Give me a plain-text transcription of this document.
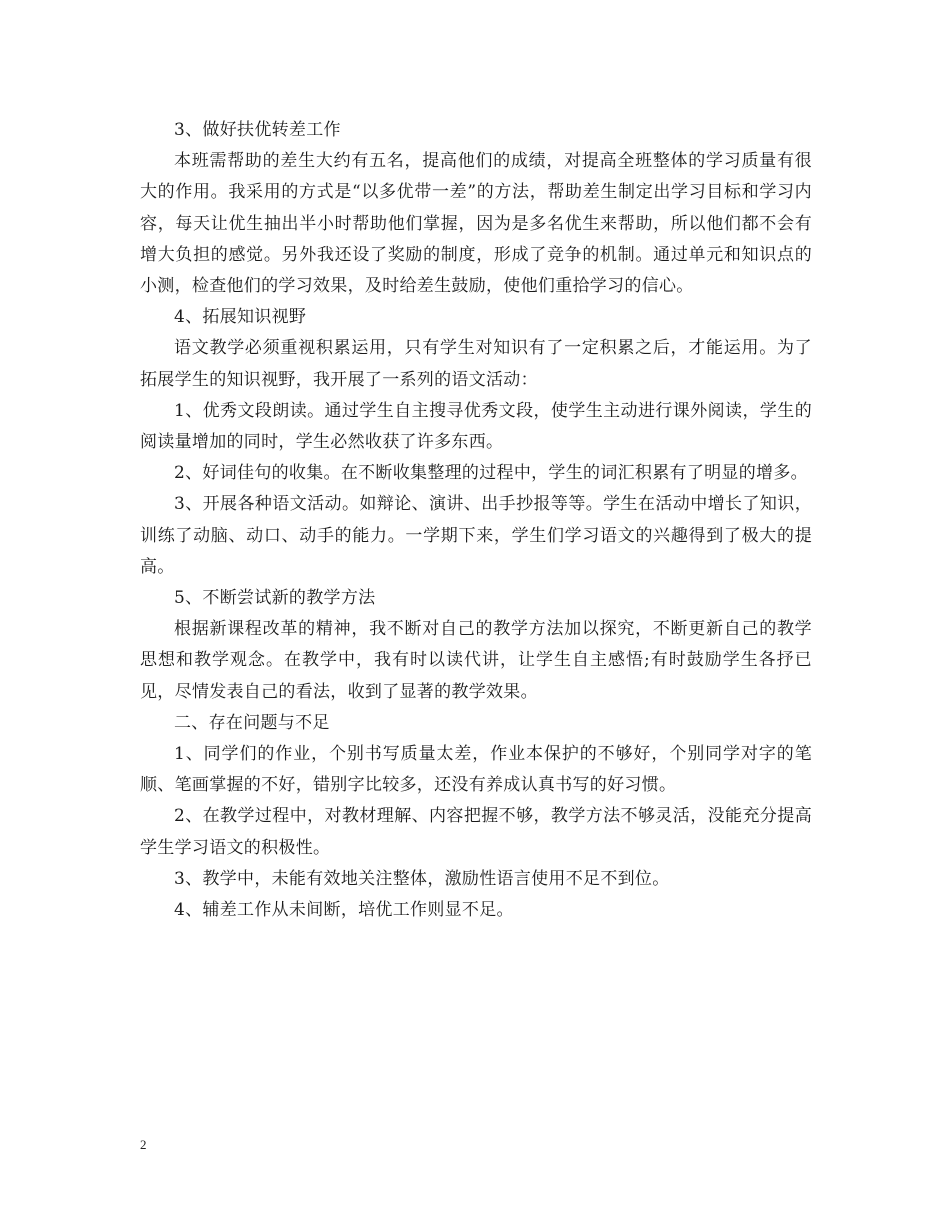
3、做好扶优转差工作

本班需帮助的差生大约有五名，提高他们的成绩，对提高全班整体的学习质量有很大的作用。我采用的方式是“以多优带一差”的方法，帮助差生制定出学习目标和学习内容，每天让优生抽出半小时帮助他们掌握，因为是多名优生来帮助，所以他们都不会有增大负担的感觉。另外我还设了奖励的制度，形成了竞争的机制。通过单元和知识点的小测，检查他们的学习效果，及时给差生鼓励，使他们重拾学习的信心。

4、拓展知识视野

语文教学必须重视积累运用，只有学生对知识有了一定积累之后，才能运用。为了拓展学生的知识视野，我开展了一系列的语文活动：

1、优秀文段朗读。通过学生自主搜寻优秀文段，使学生主动进行课外阅读，学生的阅读量增加的同时，学生必然收获了许多东西。

2、好词佳句的收集。在不断收集整理的过程中，学生的词汇积累有了明显的增多。

3、开展各种语文活动。如辩论、演讲、出手抄报等等。学生在活动中增长了知识，训练了动脑、动口、动手的能力。一学期下来，学生们学习语文的兴趣得到了极大的提高。

5、不断尝试新的教学方法

根据新课程改革的精神，我不断对自己的教学方法加以探究，不断更新自己的教学思想和教学观念。在教学中，我有时以读代讲，让学生自主感悟;有时鼓励学生各抒已见，尽情发表自己的看法，收到了显著的教学效果。

二、存在问题与不足

1、同学们的作业，个别书写质量太差，作业本保护的不够好，个别同学对字的笔顺、笔画掌握的不好，错别字比较多，还没有养成认真书写的好习惯。

2、在教学过程中，对教材理解、内容把握不够，教学方法不够灵活，没能充分提高学生学习语文的积极性。

3、教学中，未能有效地关注整体，激励性语言使用不足不到位。

4、辅差工作从未间断，培优工作则显不足。

2
